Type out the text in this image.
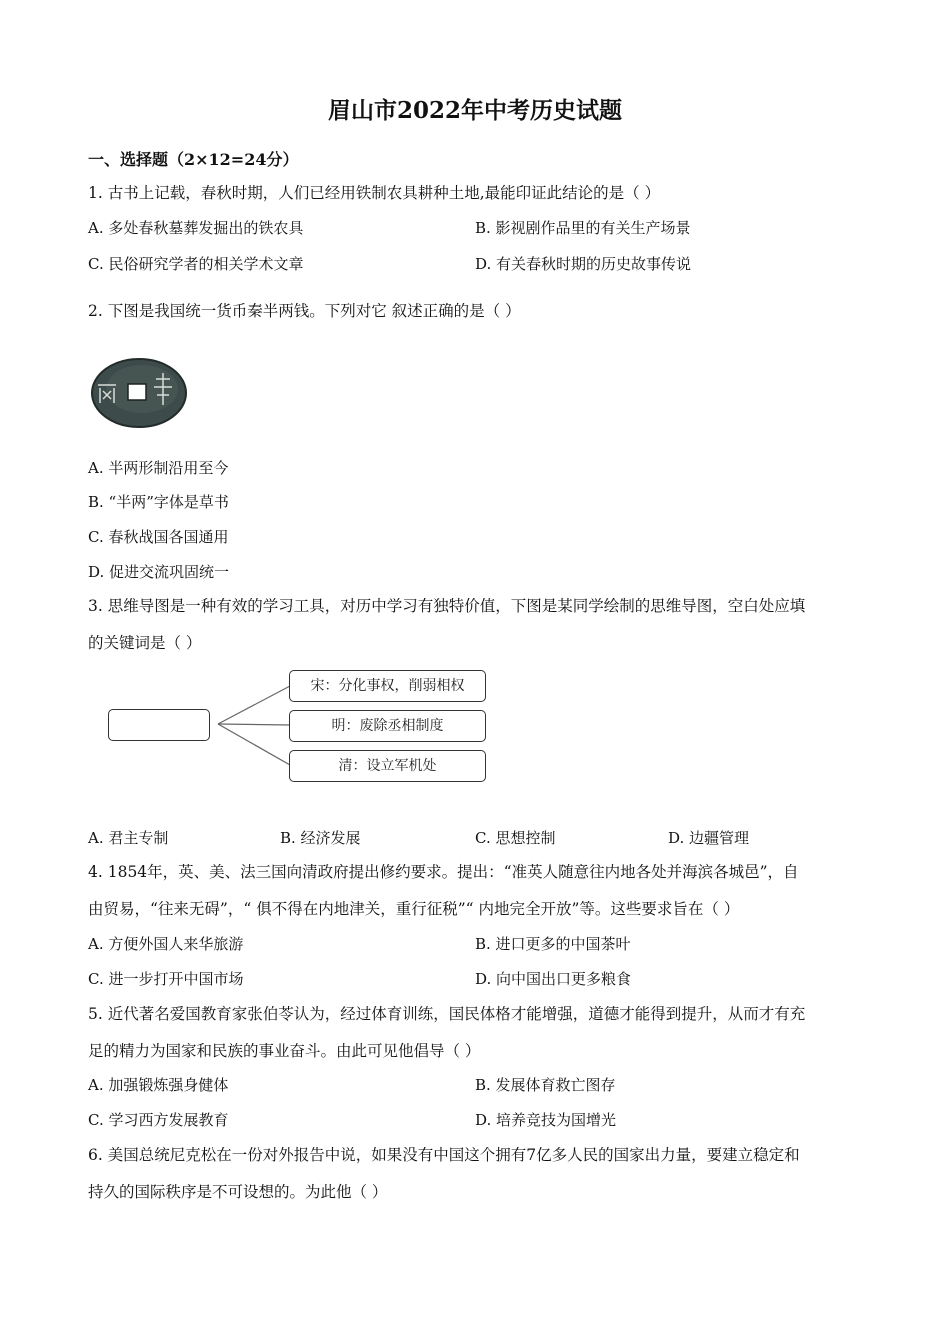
眉山市2022年中考历史试题
一、选择题（2×12=24分）
1. 古书上记载，春秋时期，人们已经用铁制农具耕种土地,最能印证此结论的是（ ）
A. 多处春秋墓葬发掘出的铁农具	B. 影视剧作品里的有关生产场景
C. 民俗研究学者的相关学术文章	D. 有关春秋时期的历史故事传说
2. 下图是我国统一货币秦半两钱。下列对它 叙述正确的是（ ）
A. 半两形制沿用至今
B. “半两”字体是草书
C. 春秋战国各国通用
D. 促进交流巩固统一
3. 思维导图是一种有效的学习工具，对历中学习有独特价值，下图是某同学绘制的思维导图，空白处应填
的关键词是（ ）
宋：分化事权，削弱相权
明：废除丞相制度
清：设立军机处
A. 君主专制	B. 经济发展	C. 思想控制	D. 边疆管理
4. 1854年，英、美、法三国向清政府提出修约要求。提出：“准英人随意往内地各处并海滨各城邑”，自
由贸易，“往来无碍”，“ 俱不得在内地津关，重行征税”“ 内地完全开放”等。这些要求旨在（ ）
A. 方便外国人来华旅游	B. 进口更多的中国茶叶
C. 进一步打开中国市场	D. 向中国出口更多粮食
5. 近代著名爱国教育家张伯苓认为，经过体育训练，国民体格才能增强，道德才能得到提升，从而才有充
足的精力为国家和民族的事业奋斗。由此可见他倡导（ ）
A. 加强锻炼强身健体	B. 发展体育救亡图存
C. 学习西方发展教育	D. 培养竞技为国增光
6. 美国总统尼克松在一份对外报告中说，如果没有中国这个拥有7亿多人民的国家出力量，要建立稳定和
持久的国际秩序是不可设想的。为此他（ ）
